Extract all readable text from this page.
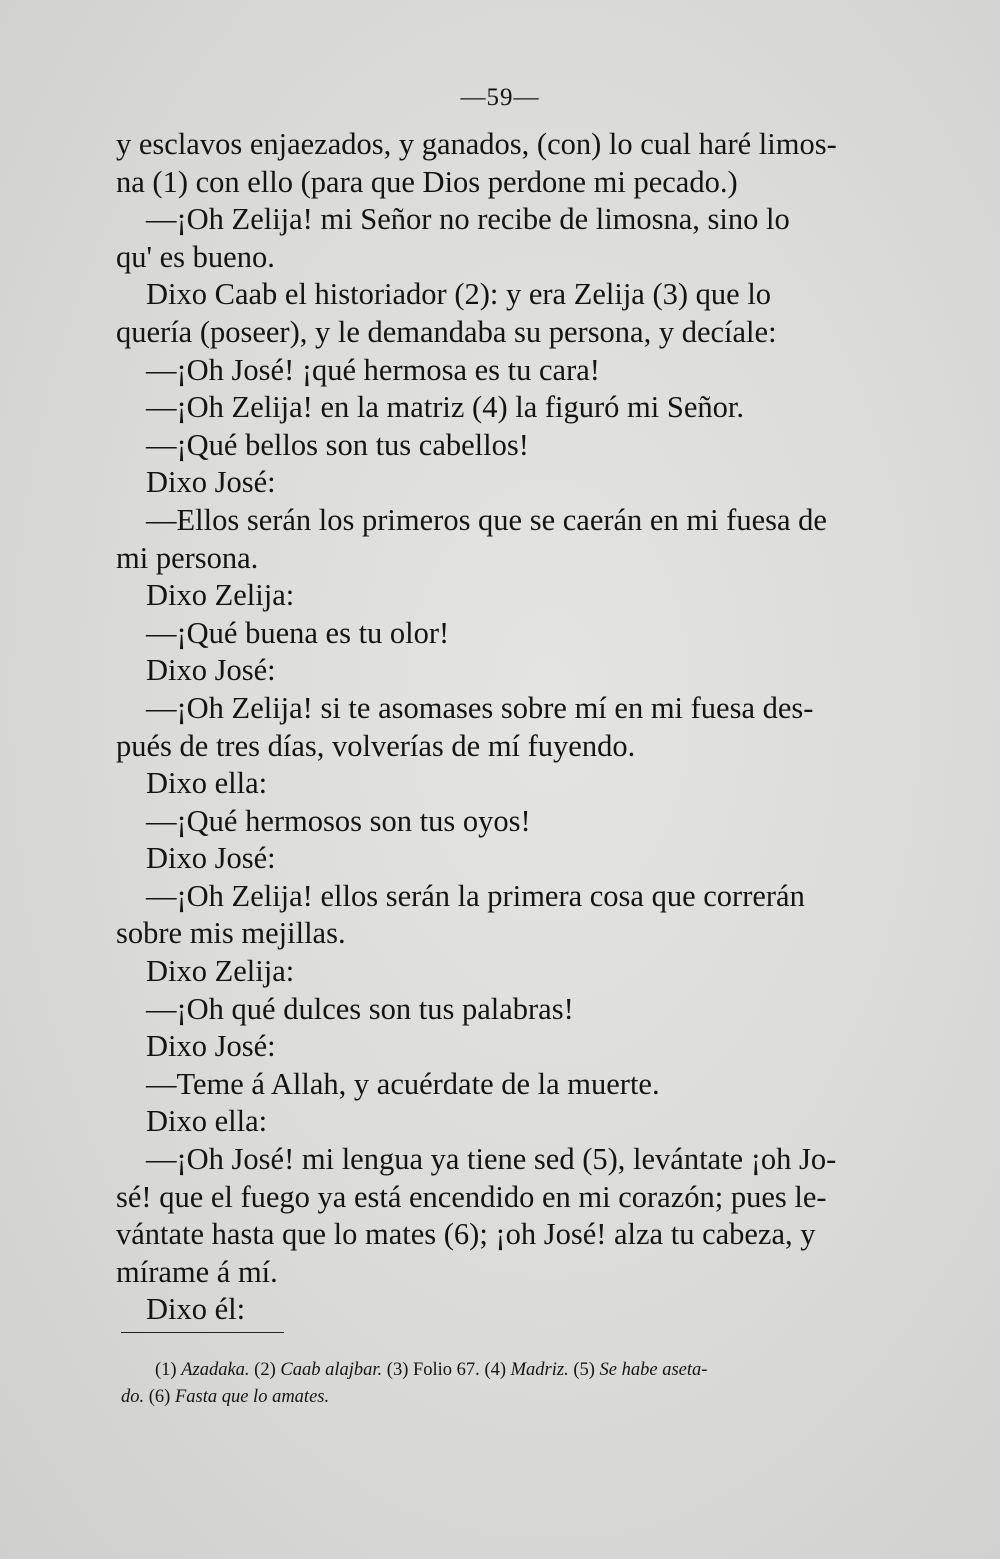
—59—
y esclavos enjaezados, y ganados, (con) lo cual haré limos-
na (1) con ello (para que Dios perdone mi pecado.)
—¡Oh Zelija! mi Señor no recibe de limosna, sino lo
qu' es bueno.
Dixo Caab el historiador (2): y era Zelija (3) que lo
quería (poseer), y le demandaba su persona, y decíale:
—¡Oh José! ¡qué hermosa es tu cara!
—¡Oh Zelija! en la matriz (4) la figuró mi Señor.
—¡Qué bellos son tus cabellos!
Dixo José:
—Ellos serán los primeros que se caerán en mi fuesa de
mi persona.
Dixo Zelija:
—¡Qué buena es tu olor!
Dixo José:
—¡Oh Zelija! si te asomases sobre mí en mi fuesa des-
pués de tres días, volverías de mí fuyendo.
Dixo ella:
—¡Qué hermosos son tus oyos!
Dixo José:
—¡Oh Zelija! ellos serán la primera cosa que correrán
sobre mis mejillas.
Dixo Zelija:
—¡Oh qué dulces son tus palabras!
Dixo José:
—Teme á Allah, y acuérdate de la muerte.
Dixo ella:
—¡Oh José! mi lengua ya tiene sed (5), levántate ¡oh Jo-
sé! que el fuego ya está encendido en mi corazón; pues le-
vántate hasta que lo mates (6); ¡oh José! alza tu cabeza, y
mírame á mí.
Dixo él:
(1) Azadaka. (2) Caab alajbar. (3) Folio 67. (4) Madriz. (5) Se habe aseta-
do. (6) Fasta que lo amates.
